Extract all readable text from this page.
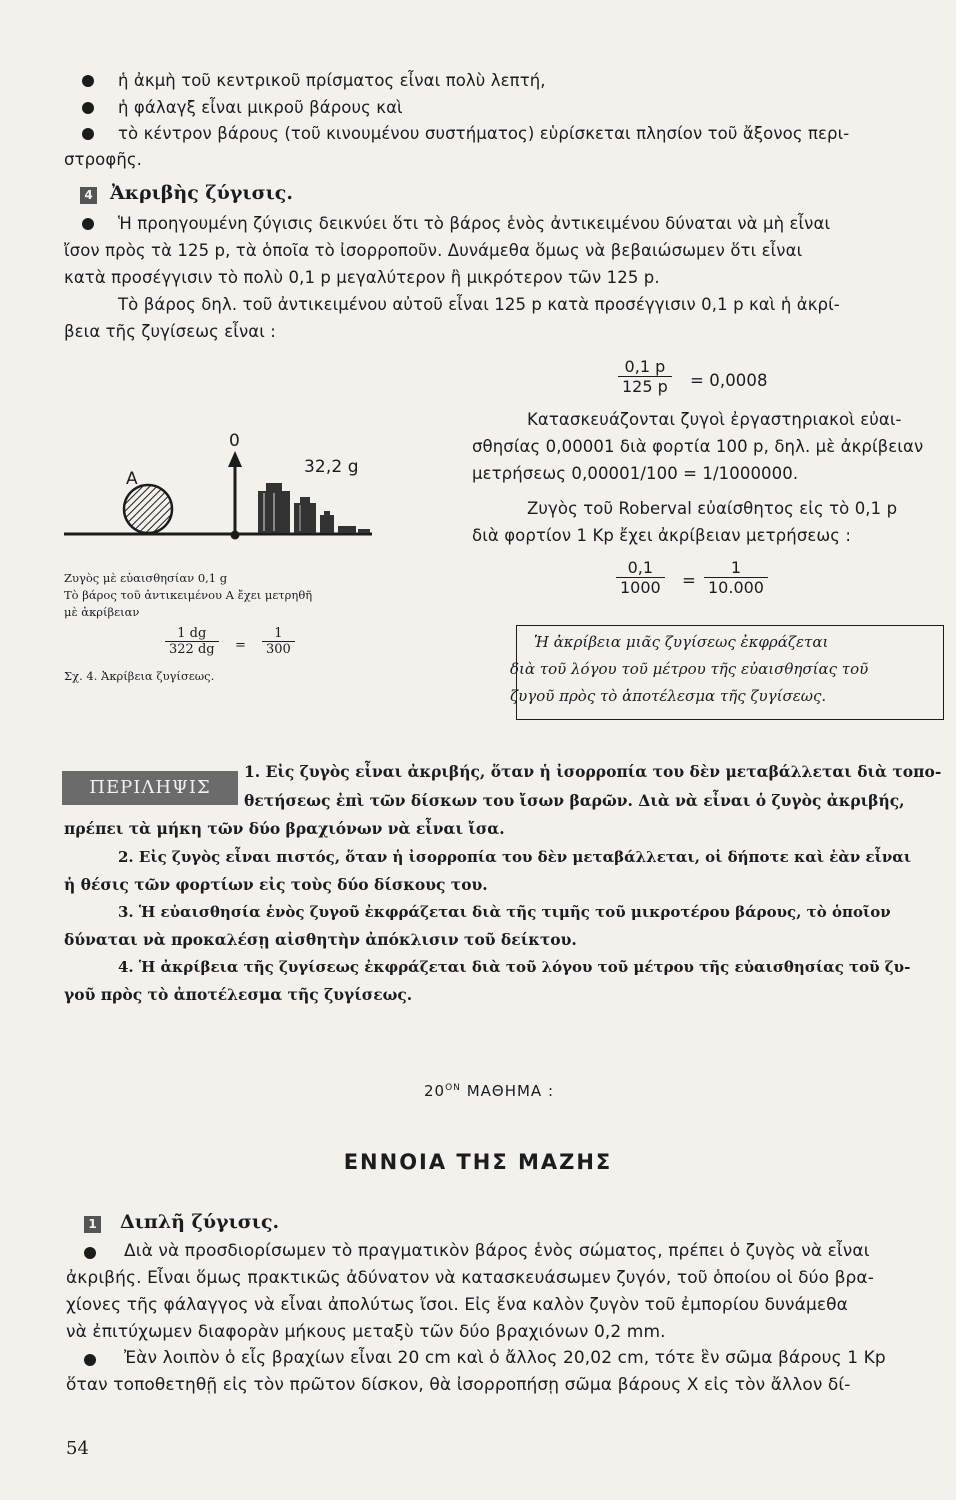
ἡ ἀκμὴ τοῦ κεντρικοῦ πρίσματος εἶναι πολὺ λεπτή,
ἡ φάλαγξ εἶναι μικροῦ βάρους καὶ
τὸ κέντρον βάρους (τοῦ κινουμένου συστήματος) εὑρίσκεται πλησίον τοῦ ἄξονος περι-
στροφῆς.
4 Ἀκριβὴς ζύγισις.
Ἡ προηγουμένη ζύγισις δεικνύει ὅτι τὸ βάρος ἑνὸς ἀντικειμένου δύναται νὰ μὴ εἶναι
ἴσον πρὸς τὰ 125 p, τὰ ὁποῖα τὸ ἰσορροποῦν. Δυνάμεθα ὅμως νὰ βεβαιώσωμεν ὅτι εἶναι
κατὰ προσέγγισιν τὸ πολὺ 0,1 p μεγαλύτερον ἢ μικρότερον τῶν 125 p.
Τὸ βάρος δηλ. τοῦ ἀντικειμένου αὐτοῦ εἶναι 125 p κατὰ προσέγγισιν 0,1 p καὶ ἡ ἀκρί-
βεια τῆς ζυγίσεως εἶναι :
$\frac{0,1 p}{125 p} = 0,0008$
Κατασκευάζονται ζυγοὶ ἐργαστηριακοὶ εὐαι-
σθησίας 0,00001 διὰ φορτία 100 p, δηλ. μὲ ἀκρίβειαν
μετρήσεως 0,00001/100 = 1/1000000.
Ζυγὸς τοῦ Roberval εὐαίσθητος εἰς τὸ 0,1 p
διὰ φορτίον 1 Kp ἔχει ἀκρίβειαν μετρήσεως :
$\frac{0,1}{1000} = \frac{1}{10.000}$
Ἡ ἀκρίβεια μιᾶς ζυγίσεως ἐκφράζεται
διὰ τοῦ λόγου τοῦ μέτρου τῆς εὐαισθησίας τοῦ
ζυγοῦ πρὸς τὸ ἀποτέλεσμα τῆς ζυγίσεως.
A
0
32,2 g
Ζυγὸς μὲ εὐαισθησίαν 0,1 g
Τὸ βάρος τοῦ ἀντικειμένου A ἔχει μετρηθῆ
μὲ ἀκρίβειαν
$\frac{1 dg}{322 dg} = \frac{1}{300}$
Σχ. 4. Ἀκρίβεια ζυγίσεως.
ΠΕΡΙΛΗΨΙΣ
1. Εἰς ζυγὸς εἶναι ἀκριβής, ὅταν ἡ ἰσορροπία του δὲν μεταβάλλεται διὰ τοπο-
θετήσεως ἐπὶ τῶν δίσκων του ἴσων βαρῶν. Διὰ νὰ εἶναι ὁ ζυγὸς ἀκριβής,
πρέπει τὰ μήκη τῶν δύο βραχιόνων νὰ εἶναι ἴσα.
2. Εἰς ζυγὸς εἶναι πιστός, ὅταν ἡ ἰσορροπία του δὲν μεταβάλλεται, οἱ δήποτε καὶ ἐὰν εἶναι
ἡ θέσις τῶν φορτίων εἰς τοὺς δύο δίσκους του.
3. Ἡ εὐαισθησία ἑνὸς ζυγοῦ ἐκφράζεται διὰ τῆς τιμῆς τοῦ μικροτέρου βάρους, τὸ ὁποῖον
δύναται νὰ προκαλέσῃ αἰσθητὴν ἀπόκλισιν τοῦ δείκτου.
4. Ἡ ἀκρίβεια τῆς ζυγίσεως ἐκφράζεται διὰ τοῦ λόγου τοῦ μέτρου τῆς εὐαισθησίας τοῦ ζυ-
γοῦ πρὸς τὸ ἀποτέλεσμα τῆς ζυγίσεως.
$20^{ON}$ ΜΑΘΗΜΑ :
ΕΝΝΟΙΑ ΤΗΣ ΜΑΖΗΣ
1 Διπλῆ ζύγισις.
Διὰ νὰ προσδιορίσωμεν τὸ πραγματικὸν βάρος ἑνὸς σώματος, πρέπει ὁ ζυγὸς νὰ εἶναι
ἀκριβής. Εἶναι ὅμως πρακτικῶς ἀδύνατον νὰ κατασκευάσωμεν ζυγόν, τοῦ ὁποίου οἱ δύο βρα-
χίονες τῆς φάλαγγος νὰ εἶναι ἀπολύτως ἴσοι. Εἰς ἕνα καλὸν ζυγὸν τοῦ ἐμπορίου δυνάμεθα
νὰ ἐπιτύχωμεν διαφορὰν μήκους μεταξὺ τῶν δύο βραχιόνων 0,2 mm.
Ἐὰν λοιπὸν ὁ εἷς βραχίων εἶναι 20 cm καὶ ὁ ἄλλος 20,02 cm, τότε ἓν σῶμα βάρους 1 Kp
ὅταν τοποθετηθῇ εἰς τὸν πρῶτον δίσκον, θὰ ἰσορροπήσῃ σῶμα βάρους X εἰς τὸν ἄλλον δί-
54
